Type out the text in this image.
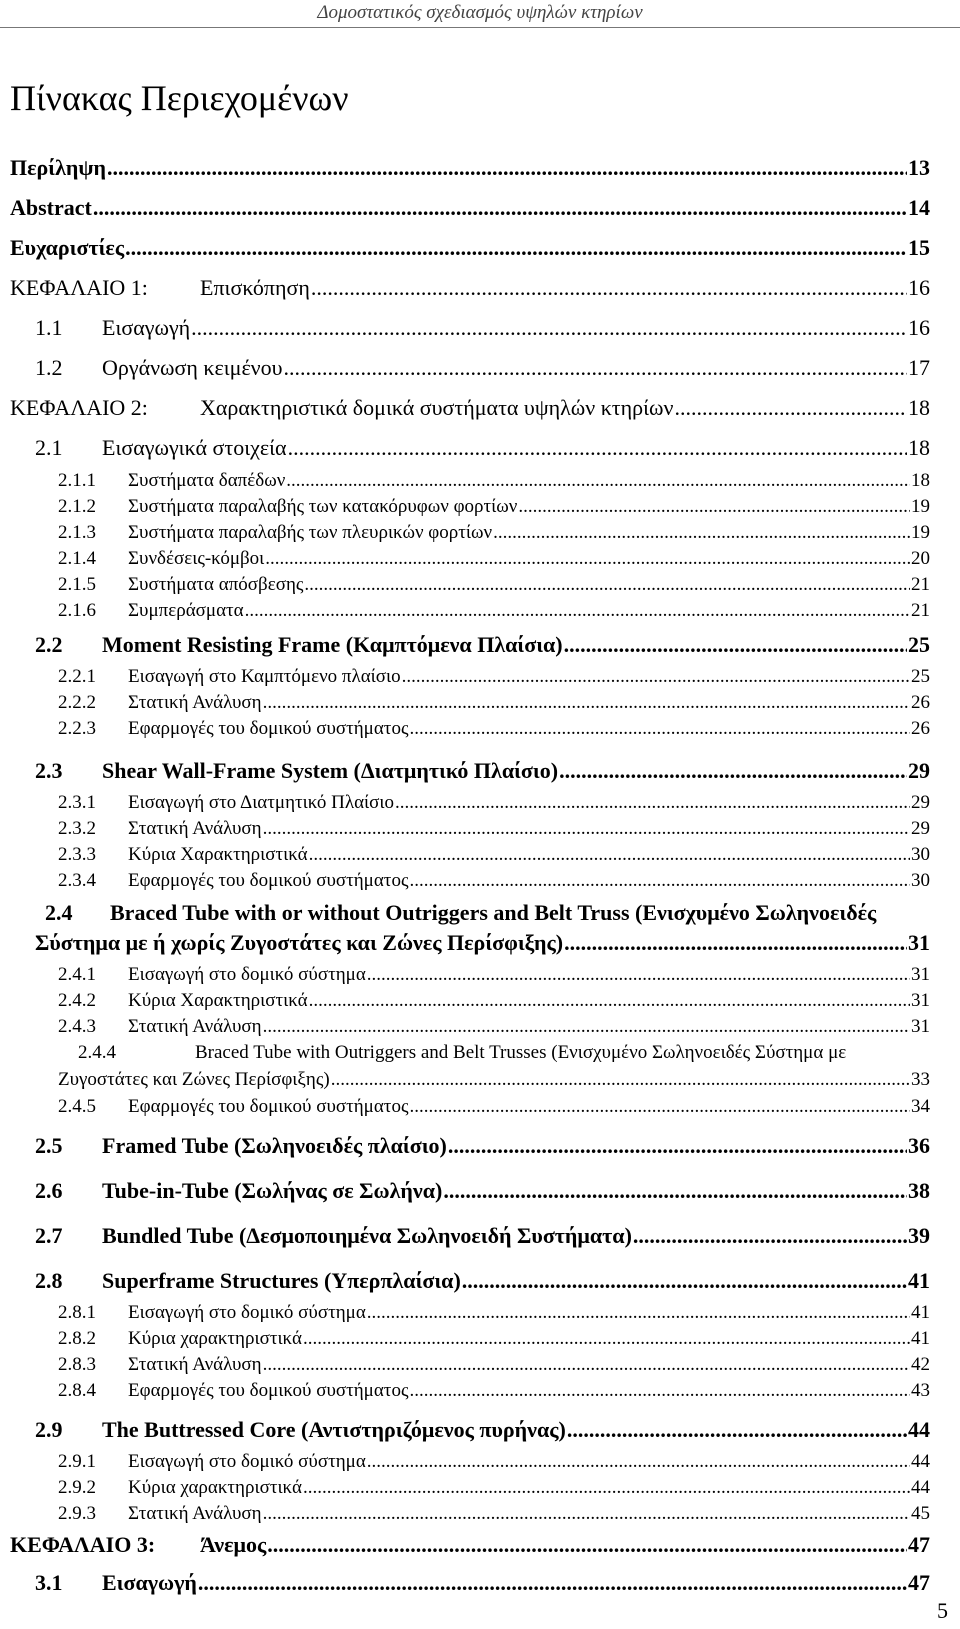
Δομοστατικός σχεδιασμός υψηλών κτηρίων
Πίνακας Περιεχομένων
Περίληψη .....	13
Abstract .....	14
Ευχαριστίες .....	15
ΚΕΦΑΛΑΙΟ 1:	Επισκόπηση .....	16
1.1	Εισαγωγή .....	16
1.2	Οργάνωση κειμένου .....	17
ΚΕΦΑΛΑΙΟ 2:	Χαρακτηριστικά δομικά συστήματα υψηλών κτηρίων .....	18
2.1	Εισαγωγικά στοιχεία .....	18
2.1.1	Συστήματα δαπέδων .....	18
2.1.2	Συστήματα παραλαβής των κατακόρυφων φορτίων .....	19
2.1.3	Συστήματα παραλαβής των πλευρικών φορτίων .....	19
2.1.4	Συνδέσεις-κόμβοι .....	20
2.1.5	Συστήματα απόσβεσης .....	21
2.1.6	Συμπεράσματα .....	21
2.2	Moment Resisting Frame (Καμπτόμενα Πλαίσια) .....	25
2.2.1	Εισαγωγή στο Καμπτόμενο πλαίσιο .....	25
2.2.2	Στατική Ανάλυση .....	26
2.2.3	Εφαρμογές του δομικού συστήματος .....	26
2.3	Shear Wall-Frame System (Διατμητικό Πλαίσιο) .....	29
2.3.1	Εισαγωγή στο Διατμητικό Πλαίσιο .....	29
2.3.2	Στατική Ανάλυση .....	29
2.3.3	Κύρια Χαρακτηριστικά .....	30
2.3.4	Εφαρμογές του δομικού συστήματος .....	30
2.4	Braced Tube with or without Outriggers and Belt Truss (Ενισχυμένο Σωληνοειδές
Σύστημα με ή χωρίς Ζυγοστάτες και Ζώνες Περίσφιξης) .....	31
2.4.1	Εισαγωγή στο δομικό σύστημα .....	31
2.4.2	Κύρια Χαρακτηριστικά .....	31
2.4.3	Στατική Ανάλυση .....	31
2.4.4	Braced Tube with Outriggers and Belt Trusses (Ενισχυμένο Σωληνοειδές Σύστημα με
Ζυγοστάτες και Ζώνες Περίσφιξης) .....	33
2.4.5	Εφαρμογές του δομικού συστήματος .....	34
2.5	Framed Tube (Σωληνοειδές πλαίσιο) .....	36
2.6	Tube-in-Tube (Σωλήνας σε Σωλήνα) .....	38
2.7	Bundled Tube (Δεσμοποιημένα Σωληνοειδή Συστήματα) .....	39
2.8	Superframe Structures (Υπερπλαίσια) .....	41
2.8.1	Εισαγωγή στο δομικό σύστημα .....	41
2.8.2	Κύρια χαρακτηριστικά .....	41
2.8.3	Στατική Ανάλυση .....	42
2.8.4	Εφαρμογές του δομικού συστήματος .....	43
2.9	The Buttressed Core (Αντιστηριζόμενος πυρήνας) .....	44
2.9.1	Εισαγωγή στο δομικό σύστημα .....	44
2.9.2	Κύρια χαρακτηριστικά .....	44
2.9.3	Στατική Ανάλυση .....	45
ΚΕΦΑΛΑΙΟ 3:	Άνεμος .....	47
3.1	Εισαγωγή .....	47
5
